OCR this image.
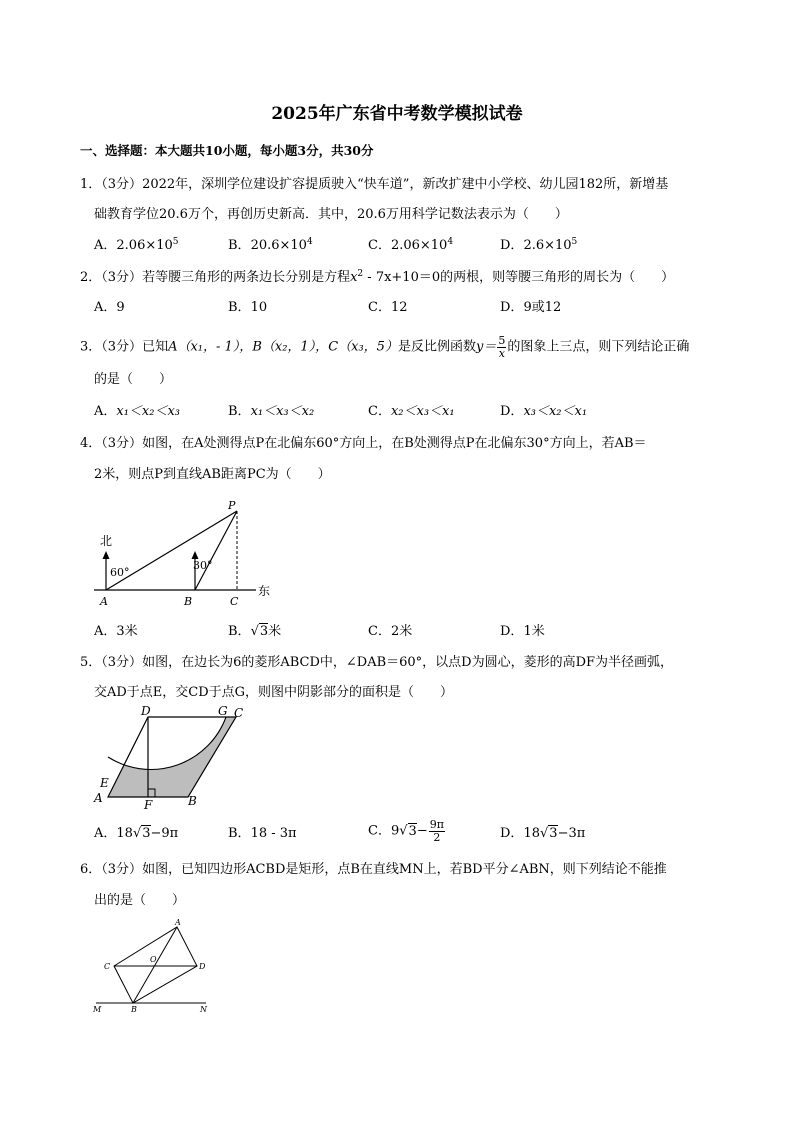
2025年广东省中考数学模拟试卷
一、选择题：本大题共10小题，每小题3分，共30分
1．（3分）2022年，深圳学位建设扩容提质驶入“快车道”，新改扩建中小学校、幼儿园182所，新增基
础教育学位20.6万个，再创历史新高．其中，20.6万用科学记数法表示为（　　）
A．$2.06\times 10^5$	B．$20.6\times 10^4$	C．$2.06\times 10^4$	D．$2.6\times 10^5$
2．（3分）若等腰三角形的两条边长分别是方程$x^2 - 7x+10=0$的两根，则等腰三角形的周长为（　　）
A．9	B．10	C．12	D．9或12
3．（3分）已知A（x₁，- 1），B（x₂，1），C（x₃，5）是反比例函数$y= \frac{5}{x}$ 的图象上三点，则下列结论正确
的是（　　）
A．x₁＜x₂＜x₃	B．x₁＜x₃＜x₂	C．x₂＜x₃＜x₁	D．x₃＜x₂＜x₁
4．（3分）如图，在A处测得点P在北偏东60°方向上，在B处测得点P在北偏东30°方向上，若AB＝
2米，则点P到直线AB距离PC为（　　）
北
东
60°
30°
A	B	C
P
A．3米	B．√3米	C．2米	D．1米
5．（3分）如图，在边长为6的菱形ABCD中，∠DAB＝60°，以点D为圆心，菱形的高DF为半径画弧，
交AD于点E，交CD于点G，则图中阴影部分的面积是（　　）
D	G C
E
A	F	B
A．18√3−9π	B．18 - 3π	C．$9√3- \frac{9\pi}{2}$	D．18√3−3π
6．（3分）如图，已知四边形ACBD是矩形，点B在直线MN上，若BD平分∠ABN，则下列结论不能推
出的是（　　）
A
C	D
O
M	B	N
